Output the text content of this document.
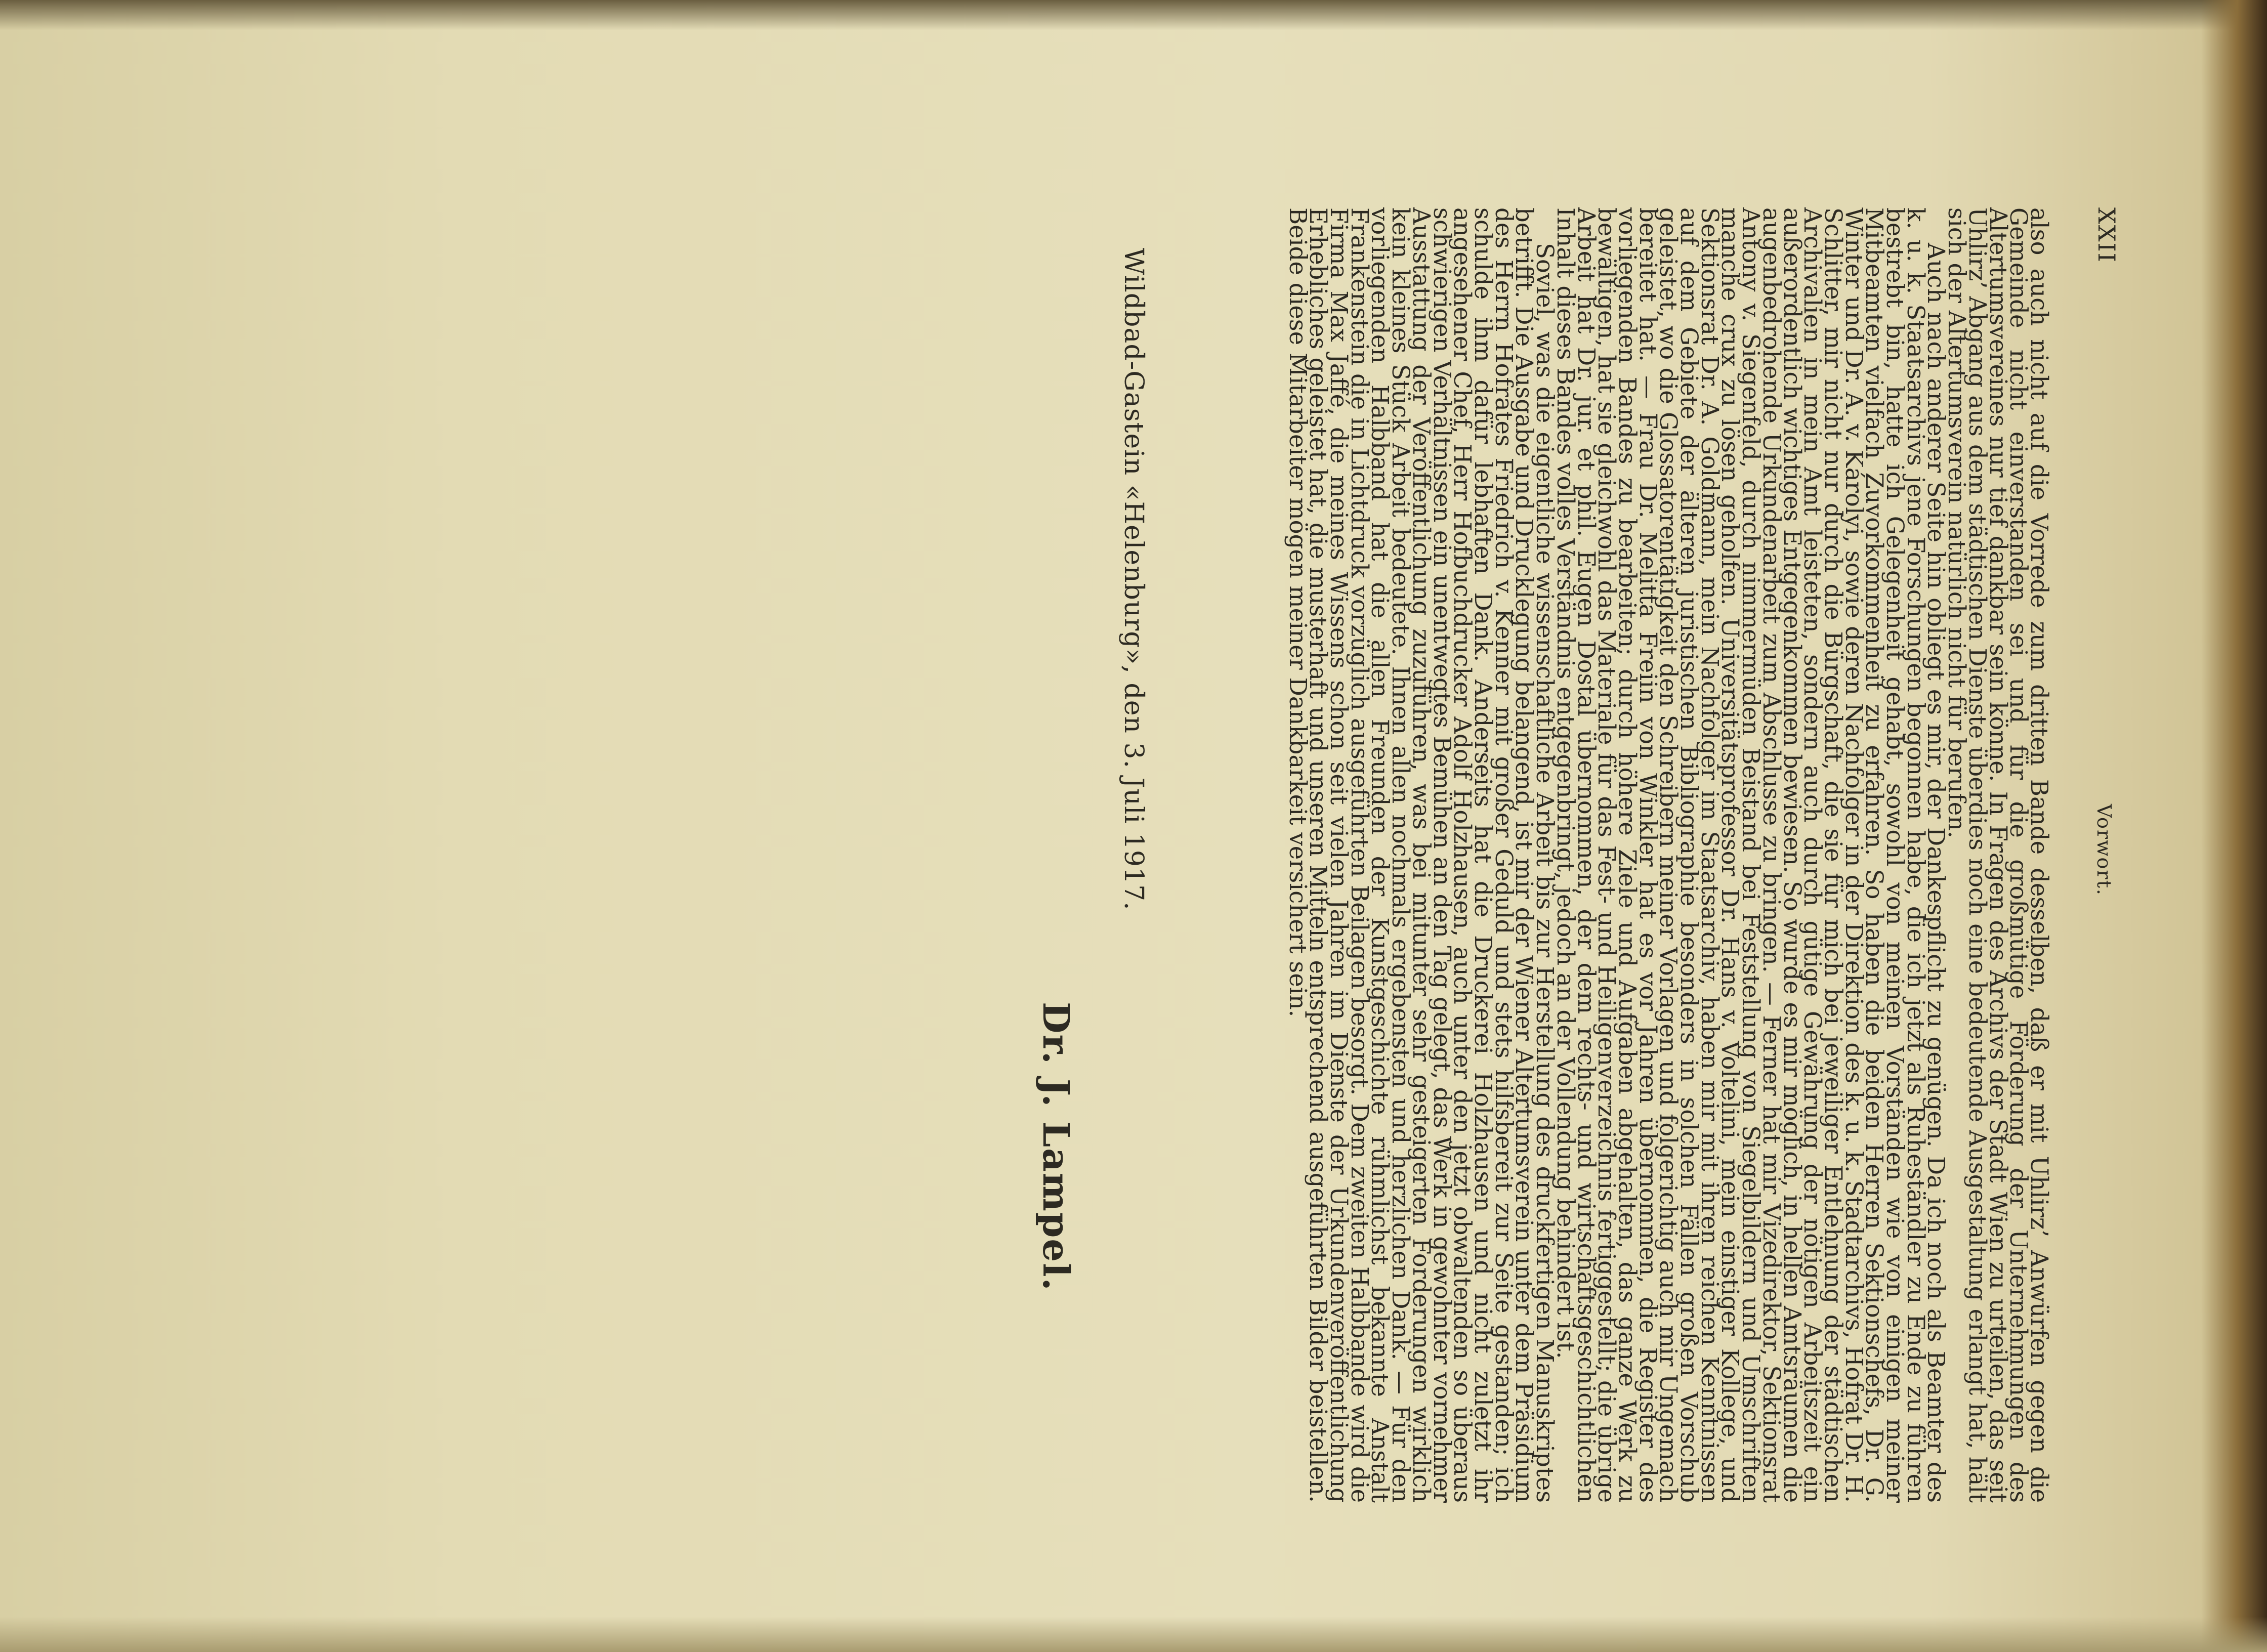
XXII
Vorwort.

also auch nicht auf die Vorrede zum dritten Bande desselben, daß er mit Uhlirz’ Anwürfen gegen die Gemeinde nicht einverstanden sei und für die großmütige Förderung der Unternehmungen des Altertumsvereines nur tief dankbar sein könne. In Fragen des Archivs der Stadt Wien zu urteilen, das seit Uhlirz’ Abgang aus dem städtischen Dienste überdies noch eine bedeutende Ausgestaltung erlangt hat, hält sich der Altertumsverein natürlich nicht für berufen.

Auch nach anderer Seite hin obliegt es mir, der Dankespflicht zu genügen. Da ich noch als Beamter des k. u. k. Staatsarchivs jene Forschungen begonnen habe, die ich jetzt als Ruheständler zu Ende zu führen bestrebt bin, hatte ich Gelegenheit gehabt, sowohl von meinen Vorständen wie von einigen meiner Mitbeamten vielfach Zuvorkommenheit zu erfahren. So haben die beiden Herren Sektionschefs, Dr. G. Winter und Dr. A. v. Károlyi, sowie deren Nachfolger in der Direktion des k. u. k. Stadtarchivs, Hofrat Dr. H. Schlitter, mir nicht nur durch die Bürgschaft, die sie für mich bei jeweiliger Entlehnung der städtischen Archivalien in mein Amt leisteten, sondern auch durch gütige Gewährung der nötigen Arbeitszeit ein außerordentlich wichtiges Entgegenkommen bewiesen. So wurde es mir möglich, in hellen Amtsräumen die augenbedrohende Urkundenarbeit zum Abschlusse zu bringen. — Ferner hat mir Vizedirektor, Sektionsrat Antony v. Siegenfeld, durch nimmermüden Beistand bei Feststellung von Siegelbildern und Umschriften manche crux zu lösen geholfen. Universitätsprofessor Dr. Hans v. Voltelini, mein einstiger Kollege, und Sektionsrat Dr. A. Goldmann, mein Nachfolger im Staatsarchiv, haben mir mit ihren reichen Kenntnissen auf dem Gebiete der älteren juristischen Bibliographie besonders in solchen Fällen großen Vorschub geleistet, wo die Glossatorentätigkeit den Schreibern meiner Vorlagen und folgerichtig auch mir Ungemach bereitet hat. — Frau Dr. Melitta Freiin von Winkler hat es vor Jahren übernommen, die Register des vorliegenden Bandes zu bearbeiten; durch höhere Ziele und Aufgaben abgehalten, das ganze Werk zu bewältigen, hat sie gleichwohl das Materiale für das Fest- und Heiligenverzeichnis fertiggestellt; die übrige Arbeit hat Dr. jur. et phil. Eugen Dostal übernommen, der dem rechts- und wirtschaftsgeschichtlichen Inhalt dieses Bandes volles Verständnis entgegenbringt, jedoch an der Vollendung behindert ist.

Soviel, was die eigentliche wissenschaftliche Arbeit bis zur Herstellung des druckfertigen Manuskriptes betrifft. Die Ausgabe und Drucklegung belangend, ist mir der Wiener Altertumsverein unter dem Präsidium des Herrn Hofrates Friedrich v. Kenner mit großer Geduld und stets hilfsbereit zur Seite gestanden; ich schulde ihm dafür lebhaften Dank. Anderseits hat die Druckerei Holzhausen und nicht zuletzt ihr angesehener Chef, Herr Hofbuchdrucker Adolf Holzhausen, auch unter den jetzt obwaltenden so überaus schwierigen Verhältnissen ein unentwegtes Bemühen an den Tag gelegt, das Werk in gewohnter vornehmer Ausstattung der Veröffentlichung zuzuführen, was bei mitunter sehr gesteigerten Forderungen wirklich kein kleines Stück Arbeit bedeutete. Ihnen allen nochmals ergebensten und herzlichen Dank. — Für den vorliegenden Halbband hat die allen Freunden der Kunstgeschichte rühmlichst bekannte Anstalt Frankenstein die in Lichtdruck vorzüglich ausgeführten Beilagen besorgt. Dem zweiten Halbbande wird die Firma Max Jaffé, die meines Wissens schon seit vielen Jahren im Dienste der Urkundenveröffentlichung Erhebliches geleistet hat, die musterhaft und unseren Mitteln entsprechend ausgeführten Bilder beistellen. Beide diese Mitarbeiter mögen meiner Dankbarkeit versichert sein.

Wildbad-Gastein «Helenburg», den 3. Juli 1917.
Dr. J. Lampel.
